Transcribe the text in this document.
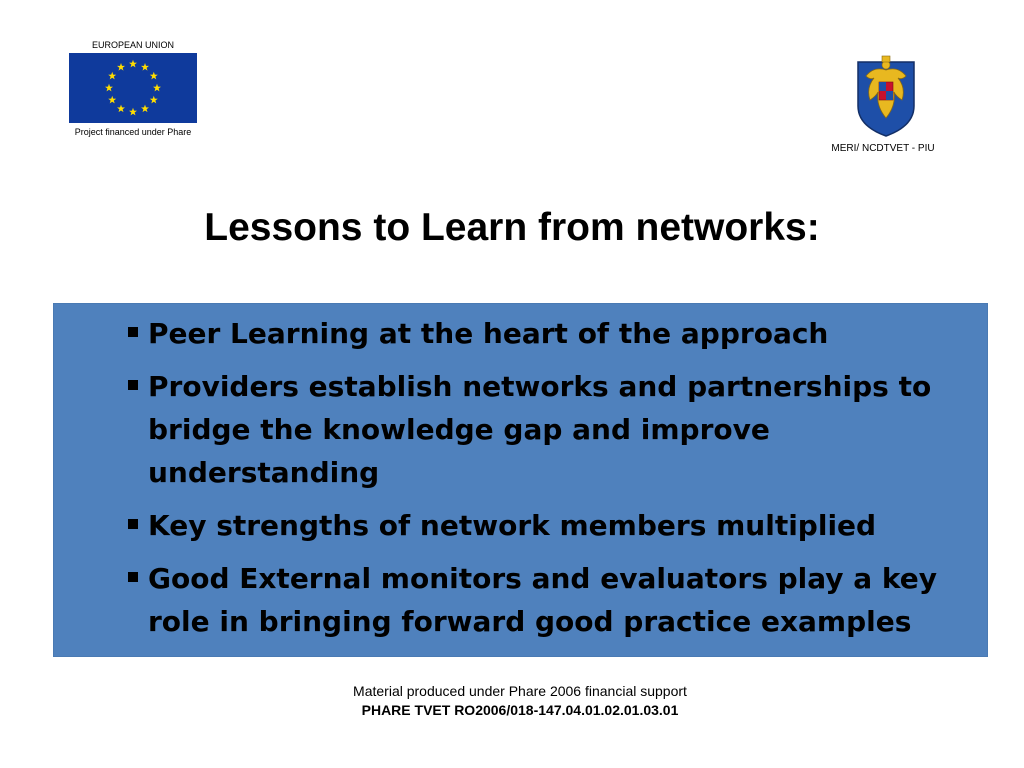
EUROPEAN UNION
Project financed under Phare
MERI/ NCDTVET - PIU
Lessons to Learn from networks:
Peer Learning at the heart of the approach
Providers establish networks and partnerships to bridge the knowledge gap and improve understanding
Key strengths of network members multiplied
Good External monitors and evaluators play a key role in bringing forward good practice examples
Material produced under Phare 2006 financial support
PHARE TVET RO2006/018-147.04.01.02.01.03.01
